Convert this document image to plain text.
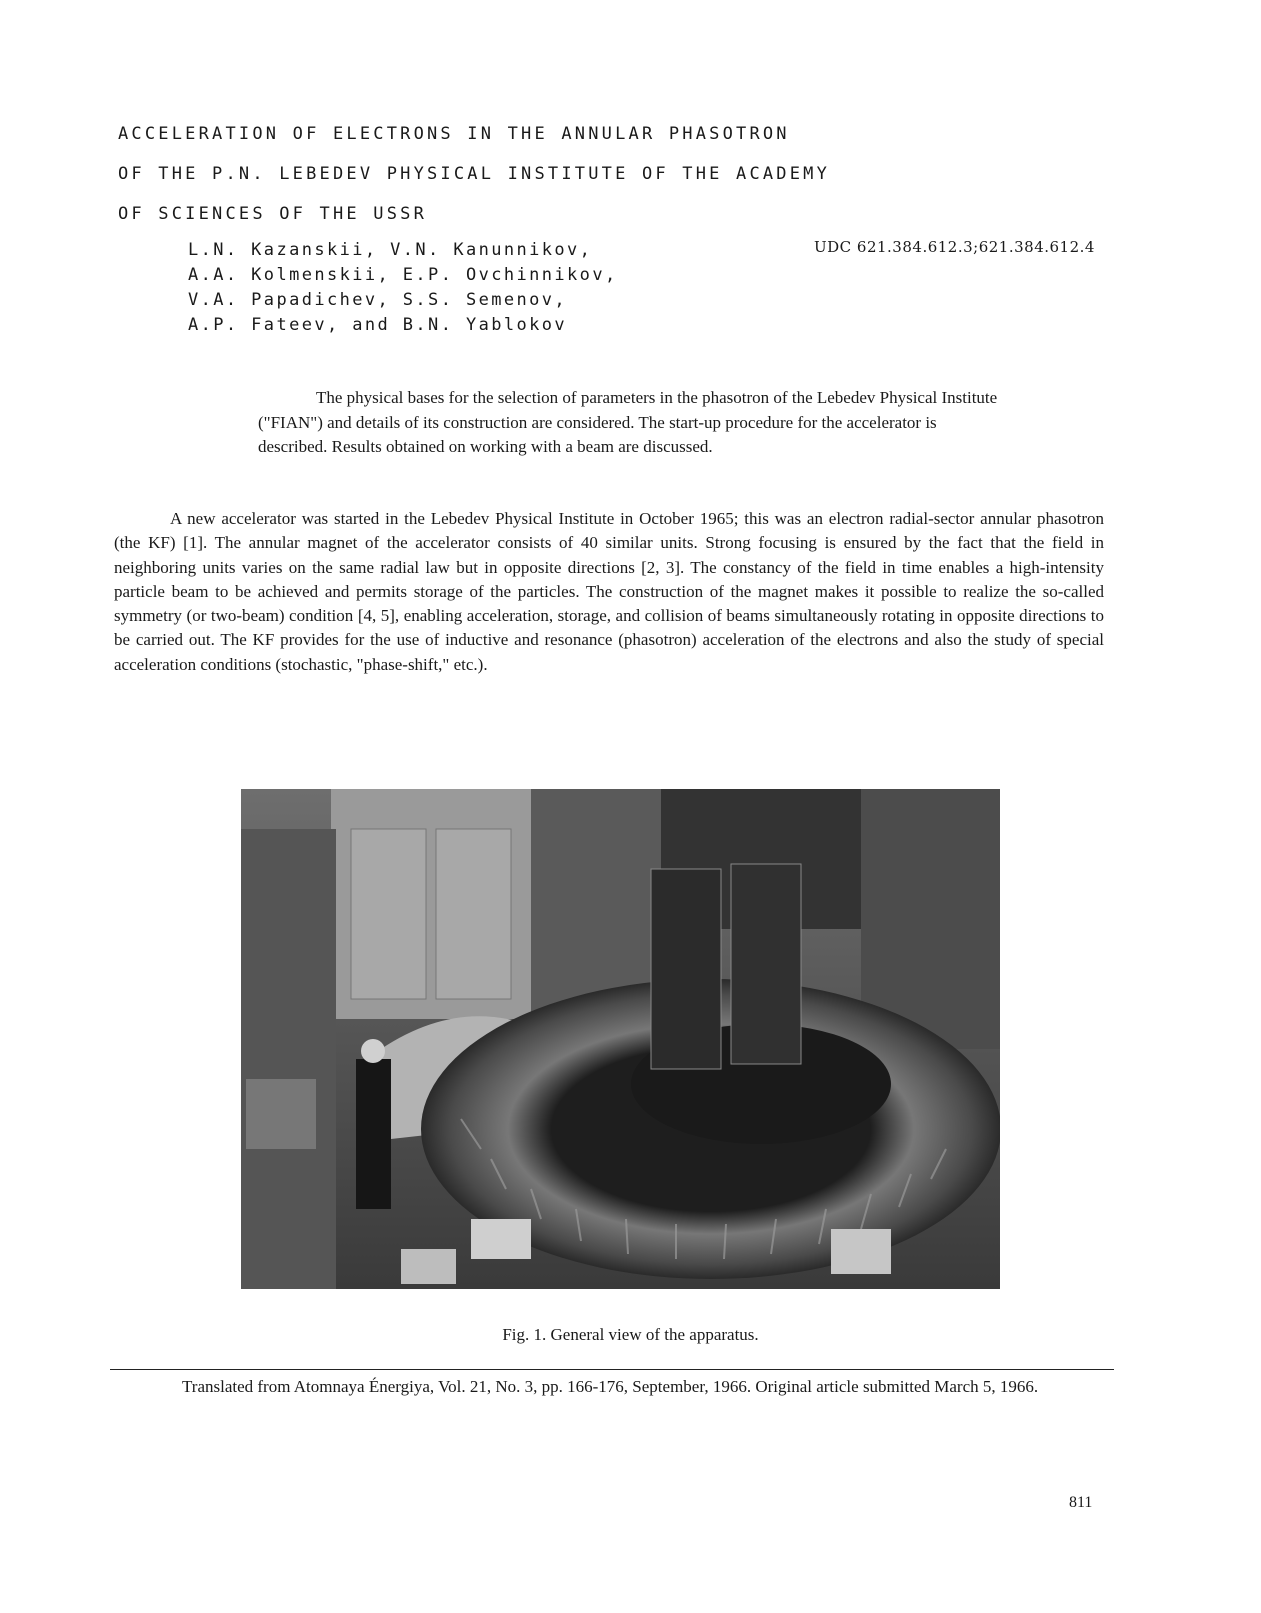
ACCELERATION OF ELECTRONS IN THE ANNULAR PHASOTRON
OF THE P.N. LEBEDEV PHYSICAL INSTITUTE OF THE ACADEMY
OF SCIENCES OF THE USSR
L.N. Kazanskii, V.N. Kanunnikov,
A.A. Kolmenskii, E.P. Ovchinnikov,
V.A. Papadichev, S.S. Semenov,
A.P. Fateev, and B.N. Yablokov
UDC 621.384.612.3;621.384.612.4

The physical bases for the selection of parameters in the phasotron of the Lebedev Physical Institute ("FIAN") and details of its construction are considered. The start-up procedure for the accelerator is described. Results obtained on working with a beam are discussed.

A new accelerator was started in the Lebedev Physical Institute in October 1965; this was an electron radial-sector annular phasotron (the KF) [1]. The annular magnet of the accelerator consists of 40 similar units. Strong focusing is ensured by the fact that the field in neighboring units varies on the same radial law but in opposite directions [2, 3]. The constancy of the field in time enables a high-intensity particle beam to be achieved and permits storage of the particles. The construction of the magnet makes it possible to realize the so-called symmetry (or two-beam) condition [4, 5], enabling acceleration, storage, and collision of beams simultaneously rotating in opposite directions to be carried out. The KF provides for the use of inductive and resonance (phasotron) acceleration of the electrons and also the study of special acceleration conditions (stochastic, "phase-shift," etc.).

Fig. 1. General view of the apparatus.

Translated from Atomnaya Énergiya, Vol. 21, No. 3, pp. 166-176, September, 1966. Original article submitted March 5, 1966.

811
